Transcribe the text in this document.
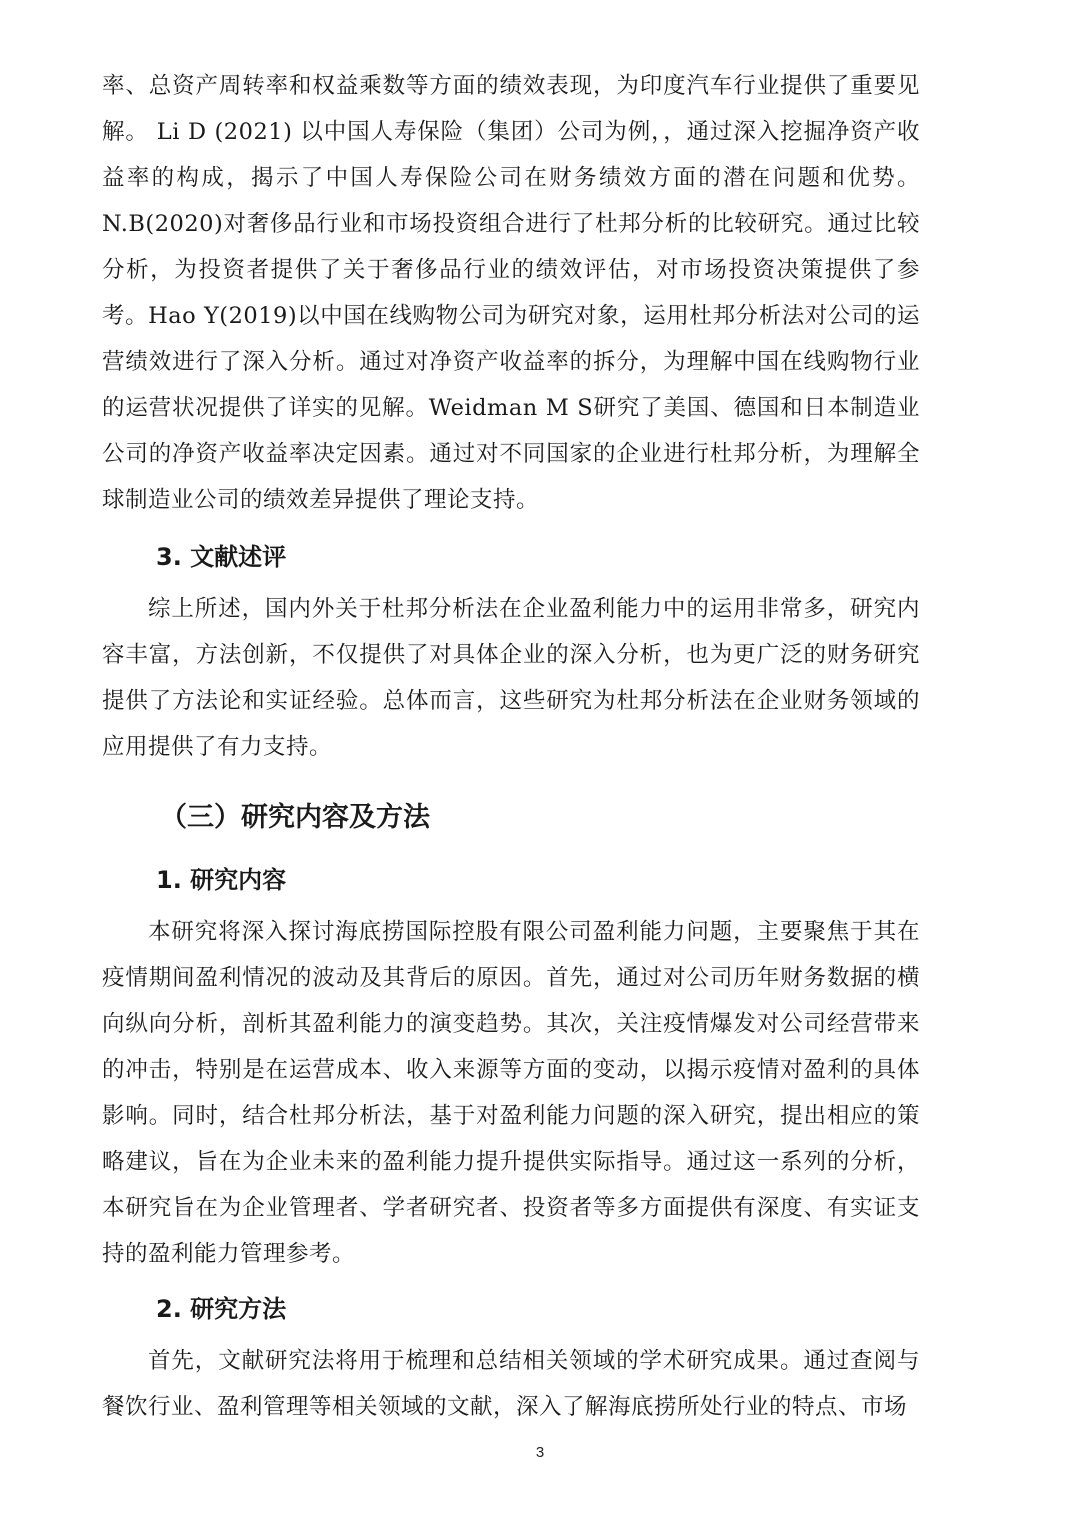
率、总资产周转率和权益乘数等方面的绩效表现，为印度汽车行业提供了重要见解。 Li D (2021) 以中国人寿保险（集团）公司为例，，通过深入挖掘净资产收益率的构成，揭示了中国人寿保险公司在财务绩效方面的潜在问题和优势。N.B(2020)对奢侈品行业和市场投资组合进行了杜邦分析的比较研究。通过比较分析，为投资者提供了关于奢侈品行业的绩效评估，对市场投资决策提供了参考。Hao Y(2019)以中国在线购物公司为研究对象，运用杜邦分析法对公司的运营绩效进行了深入分析。通过对净资产收益率的拆分，为理解中国在线购物行业的运营状况提供了详实的见解。Weidman M S研究了美国、德国和日本制造业公司的净资产收益率决定因素。通过对不同国家的企业进行杜邦分析，为理解全球制造业公司的绩效差异提供了理论支持。

3. 文献述评

综上所述，国内外关于杜邦分析法在企业盈利能力中的运用非常多，研究内容丰富，方法创新，不仅提供了对具体企业的深入分析，也为更广泛的财务研究提供了方法论和实证经验。总体而言，这些研究为杜邦分析法在企业财务领域的应用提供了有力支持。

（三）研究内容及方法
1. 研究内容

本研究将深入探讨海底捞国际控股有限公司盈利能力问题，主要聚焦于其在疫情期间盈利情况的波动及其背后的原因。首先，通过对公司历年财务数据的横向纵向分析，剖析其盈利能力的演变趋势。其次，关注疫情爆发对公司经营带来的冲击，特别是在运营成本、收入来源等方面的变动，以揭示疫情对盈利的具体影响。同时，结合杜邦分析法，基于对盈利能力问题的深入研究，提出相应的策略建议，旨在为企业未来的盈利能力提升提供实际指导。通过这一系列的分析，本研究旨在为企业管理者、学者研究者、投资者等多方面提供有深度、有实证支持的盈利能力管理参考。

2. 研究方法

首先，文献研究法将用于梳理和总结相关领域的学术研究成果。通过查阅与餐饮行业、盈利管理等相关领域的文献，深入了解海底捞所处行业的特点、市场

3
